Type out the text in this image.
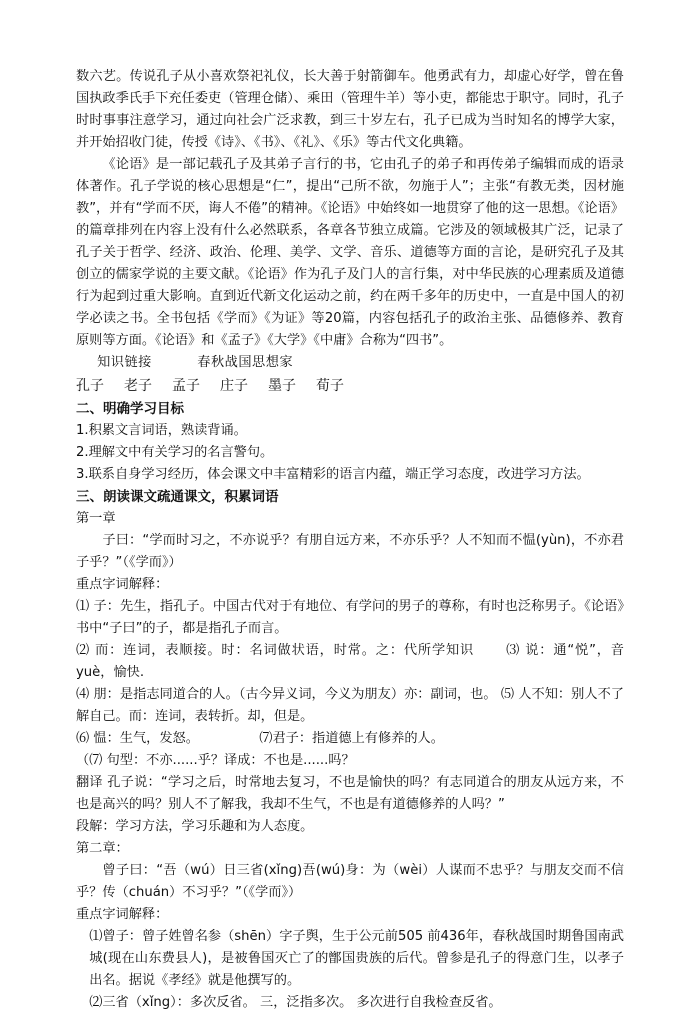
数六艺。传说孔子从小喜欢祭祀礼仪，长大善于射箭御车。他勇武有力，却虚心好学，曾在鲁国执政季氏手下充任委吏（管理仓储）、乘田（管理牛羊）等小吏，都能忠于职守。同时，孔子时时事事注意学习，通过向社会广泛求教，到三十岁左右，孔子已成为当时知名的博学大家，并开始招收门徒，传授《诗》、《书》、《礼》、《乐》等古代文化典籍。

《论语》是一部记载孔子及其弟子言行的书，它由孔子的弟子和再传弟子编辑而成的语录体著作。孔子学说的核心思想是“仁”，提出“己所不欲，勿施于人”；主张“有教无类，因材施教”，并有“学而不厌，诲人不倦”的精神。《论语》中始终如一地贯穿了他的这一思想。《论语》的篇章排列在内容上没有什么必然联系，各章各节独立成篇。它涉及的领域极其广泛，记录了孔子关于哲学、经济、政治、伦理、美学、文学、音乐、道德等方面的言论，是研究孔子及其创立的儒家学说的主要文献。《论语》作为孔子及门人的言行集，对中华民族的心理素质及道德行为起到过重大影响。直到近代新文化运动之前，约在两千多年的历史中，一直是中国人的初学必读之书。全书包括《学而》《为证》等20篇，内容包括孔子的政治主张、品德修养、教育原则等方面。《论语》和《孟子》《大学》《中庸》合称为“四书”。

知识链接	春秋战国思想家

孔子 老子 孟子 庄子 墨子 荀子

二、明确学习目标

1.积累文言词语，熟读背诵。

2.理解文中有关学习的名言警句。

3.联系自身学习经历，体会课文中丰富精彩的语言内蕴，端正学习态度，改进学习方法。

三、朗读课文疏通课文，积累词语

第一章

子曰：“学而时习之，不亦说乎？有朋自远方来，不亦乐乎？人不知而不愠(yùn)，不亦君子乎？”（《学而》）

重点字词解释：

⑴ 子：先生，指孔子。中国古代对于有地位、有学问的男子的尊称，有时也泛称男子。《论语》书中“子曰”的子，都是指孔子而言。

⑵ 而：连词，表顺接。时：名词做状语，时常。之：代所学知识 ⑶ 说：通“悦”，音 yuè，愉快.

⑷ 朋：是指志同道合的人。（古今异义词，今义为朋友）亦：副词，也。 ⑸ 人不知：别人不了解自己。而：连词，表转折。却，但是。

⑹ 愠：生气，发怒。	⑺君子：指道德上有修养的人。

（⑺ 句型：不亦......乎？译成：不也是......吗？

翻译 孔子说：“学习之后，时常地去复习，不也是愉快的吗？有志同道合的朋友从远方来，不也是高兴的吗？别人不了解我，我却不生气，不也是有道德修养的人吗？”

段解：学习方法，学习乐趣和为人态度。

第二章：

曾子曰：“吾（wú）日三省(xǐng)吾(wú)身：为（wèi）人谋而不忠乎？与朋友交而不信乎？传（chuán）不习乎？”（《学而》）

重点字词解释：

⑴曾子：曾子姓曾名参（shēn）字子舆，生于公元前505 前436年，春秋战国时期鲁国南武城(现在山东费县人)，是被鲁国灭亡了的鄫国贵族的后代。曾参是孔子的得意门生，以孝子出名。据说《孝经》就是他撰写的。

⑵三省（xǐng）：多次反省。 三，泛指多次。 多次进行自我检查反省。
